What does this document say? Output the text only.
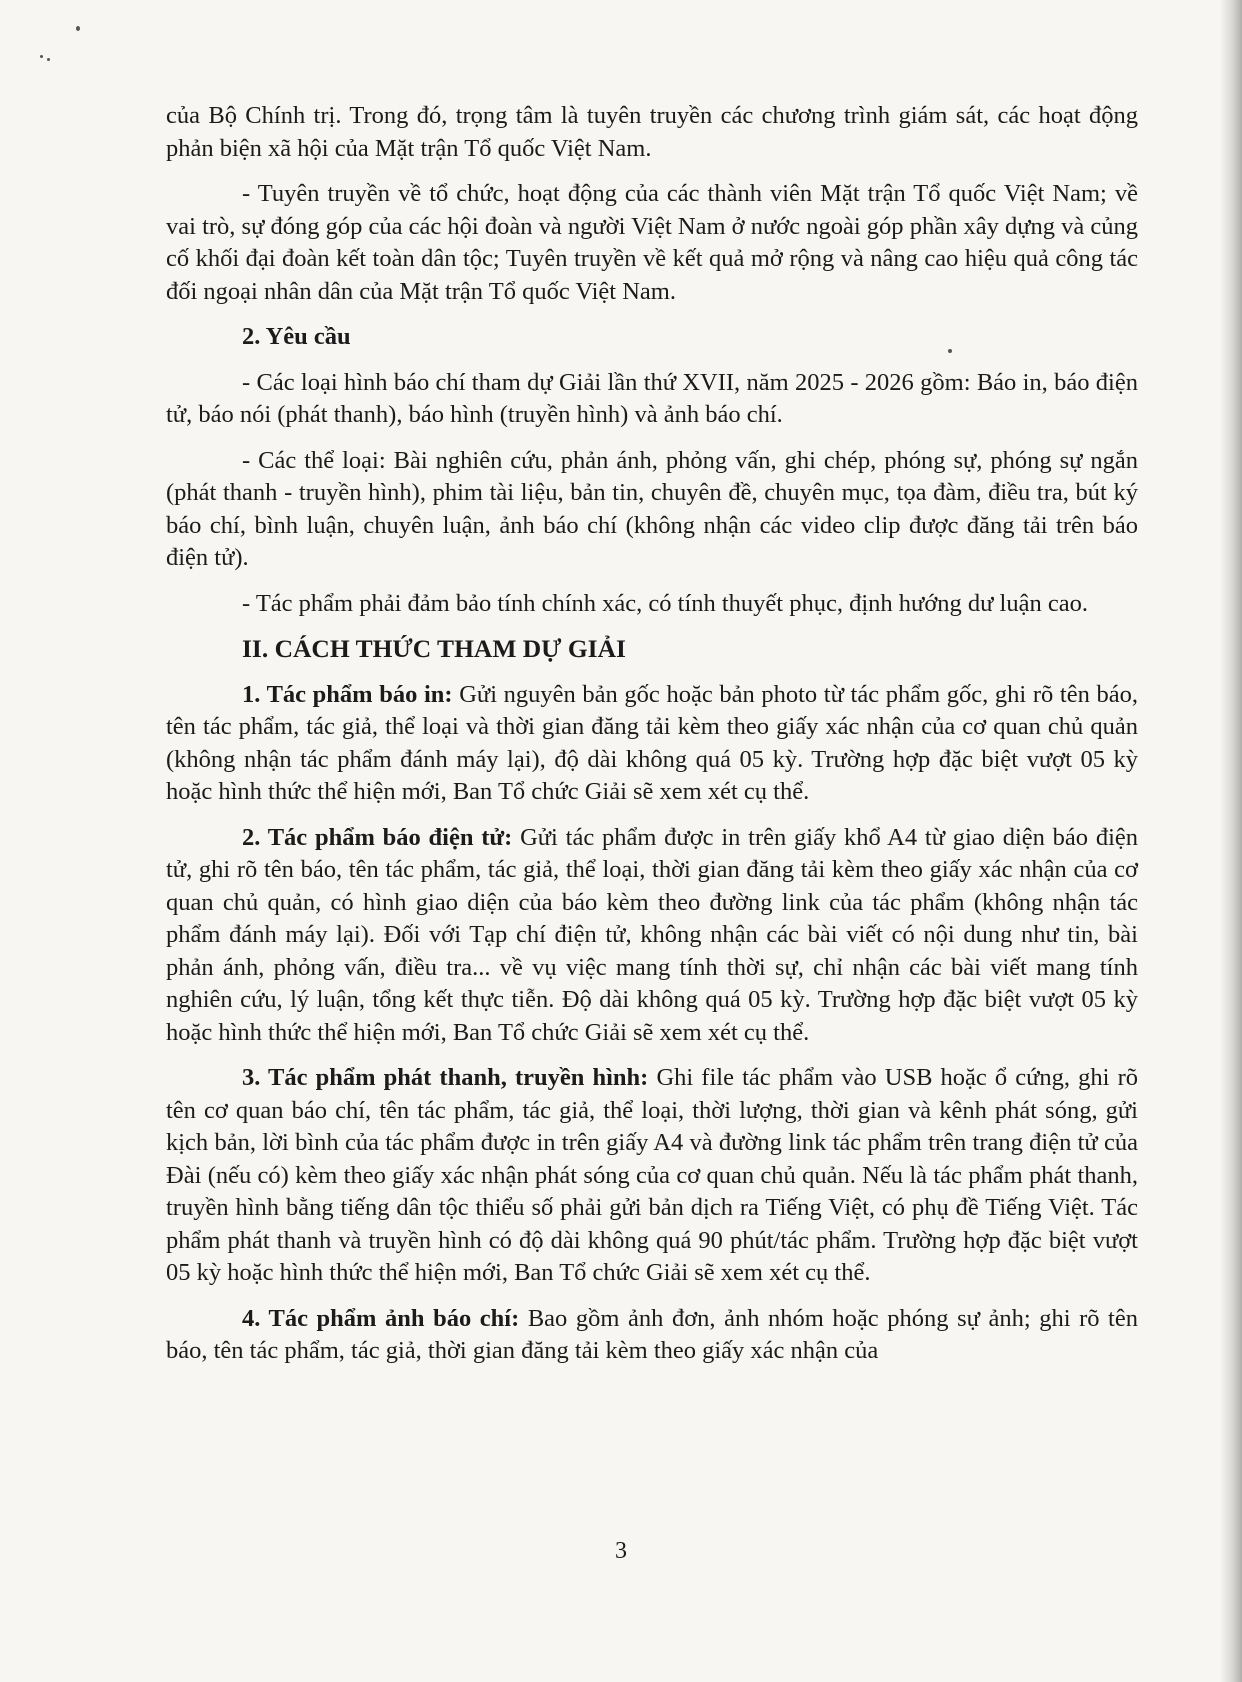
của Bộ Chính trị. Trong đó, trọng tâm là tuyên truyền các chương trình giám sát, các hoạt động phản biện xã hội của Mặt trận Tổ quốc Việt Nam.

- Tuyên truyền về tổ chức, hoạt động của các thành viên Mặt trận Tổ quốc Việt Nam; về vai trò, sự đóng góp của các hội đoàn và người Việt Nam ở nước ngoài góp phần xây dựng và củng cố khối đại đoàn kết toàn dân tộc; Tuyên truyền về kết quả mở rộng và nâng cao hiệu quả công tác đối ngoại nhân dân của Mặt trận Tổ quốc Việt Nam.

2. Yêu cầu

- Các loại hình báo chí tham dự Giải lần thứ XVII, năm 2025 - 2026 gồm: Báo in, báo điện tử, báo nói (phát thanh), báo hình (truyền hình) và ảnh báo chí.

- Các thể loại: Bài nghiên cứu, phản ánh, phỏng vấn, ghi chép, phóng sự, phóng sự ngắn (phát thanh - truyền hình), phim tài liệu, bản tin, chuyên đề, chuyên mục, tọa đàm, điều tra, bút ký báo chí, bình luận, chuyên luận, ảnh báo chí (không nhận các video clip được đăng tải trên báo điện tử).

- Tác phẩm phải đảm bảo tính chính xác, có tính thuyết phục, định hướng dư luận cao.

II. CÁCH THỨC THAM DỰ GIẢI

1. Tác phẩm báo in: Gửi nguyên bản gốc hoặc bản photo từ tác phẩm gốc, ghi rõ tên báo, tên tác phẩm, tác giả, thể loại và thời gian đăng tải kèm theo giấy xác nhận của cơ quan chủ quản (không nhận tác phẩm đánh máy lại), độ dài không quá 05 kỳ. Trường hợp đặc biệt vượt 05 kỳ hoặc hình thức thể hiện mới, Ban Tổ chức Giải sẽ xem xét cụ thể.

2. Tác phẩm báo điện tử: Gửi tác phẩm được in trên giấy khổ A4 từ giao diện báo điện tử, ghi rõ tên báo, tên tác phẩm, tác giả, thể loại, thời gian đăng tải kèm theo giấy xác nhận của cơ quan chủ quản, có hình giao diện của báo kèm theo đường link của tác phẩm (không nhận tác phẩm đánh máy lại). Đối với Tạp chí điện tử, không nhận các bài viết có nội dung như tin, bài phản ánh, phỏng vấn, điều tra... về vụ việc mang tính thời sự, chỉ nhận các bài viết mang tính nghiên cứu, lý luận, tổng kết thực tiễn. Độ dài không quá 05 kỳ. Trường hợp đặc biệt vượt 05 kỳ hoặc hình thức thể hiện mới, Ban Tổ chức Giải sẽ xem xét cụ thể.

3. Tác phẩm phát thanh, truyền hình: Ghi file tác phẩm vào USB hoặc ổ cứng, ghi rõ tên cơ quan báo chí, tên tác phẩm, tác giả, thể loại, thời lượng, thời gian và kênh phát sóng, gửi kịch bản, lời bình của tác phẩm được in trên giấy A4 và đường link tác phẩm trên trang điện tử của Đài (nếu có) kèm theo giấy xác nhận phát sóng của cơ quan chủ quản. Nếu là tác phẩm phát thanh, truyền hình bằng tiếng dân tộc thiểu số phải gửi bản dịch ra Tiếng Việt, có phụ đề Tiếng Việt. Tác phẩm phát thanh và truyền hình có độ dài không quá 90 phút/tác phẩm. Trường hợp đặc biệt vượt 05 kỳ hoặc hình thức thể hiện mới, Ban Tổ chức Giải sẽ xem xét cụ thể.

4. Tác phẩm ảnh báo chí: Bao gồm ảnh đơn, ảnh nhóm hoặc phóng sự ảnh; ghi rõ tên báo, tên tác phẩm, tác giả, thời gian đăng tải kèm theo giấy xác nhận của

3
